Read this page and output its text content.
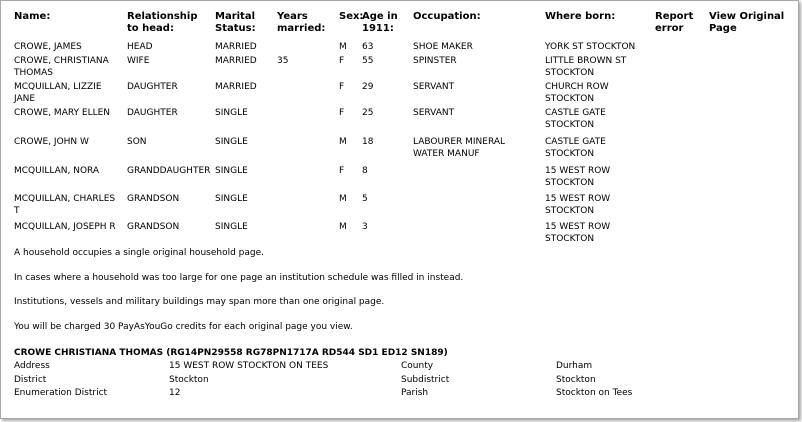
Name:	Relationship to head:	Marital Status:	Years married:	Sex:	Age in 1911:	Occupation:	Where born:	Report error	View Original Page
CROWE, JAMES	HEAD	MARRIED		M	63	SHOE MAKER	YORK ST STOCKTON		
CROWE, CHRISTIANA THOMAS	WIFE	MARRIED	35	F	55	SPINSTER	LITTLE BROWN ST STOCKTON		
MCQUILLAN, LIZZIE JANE	DAUGHTER	MARRIED		F	29	SERVANT	CHURCH ROW STOCKTON		
CROWE, MARY ELLEN	DAUGHTER	SINGLE		F	25	SERVANT	CASTLE GATE STOCKTON		
CROWE, JOHN W	SON	SINGLE		M	18	LABOURER MINERAL WATER MANUF	CASTLE GATE STOCKTON		
MCQUILLAN, NORA	GRANDDAUGHTER	SINGLE		F	8		15 WEST ROW STOCKTON		
MCQUILLAN, CHARLES T	GRANDSON	SINGLE		M	5		15 WEST ROW STOCKTON		
MCQUILLAN, JOSEPH R	GRANDSON	SINGLE		M	3		15 WEST ROW STOCKTON		

A household occupies a single original household page.

In cases where a household was too large for one page an institution schedule was filled in instead.

Institutions, vessels and military buildings may span more than one original page.

You will be charged 30 PayAsYouGo credits for each original page you view.

CROWE CHRISTIANA THOMAS (RG14PN29558 RG78PN1717A RD544 SD1 ED12 SN189)
Address	15 WEST ROW STOCKTON ON TEES	County	Durham
District	Stockton	Subdistrict	Stockton
Enumeration District	12	Parish	Stockton on Tees
